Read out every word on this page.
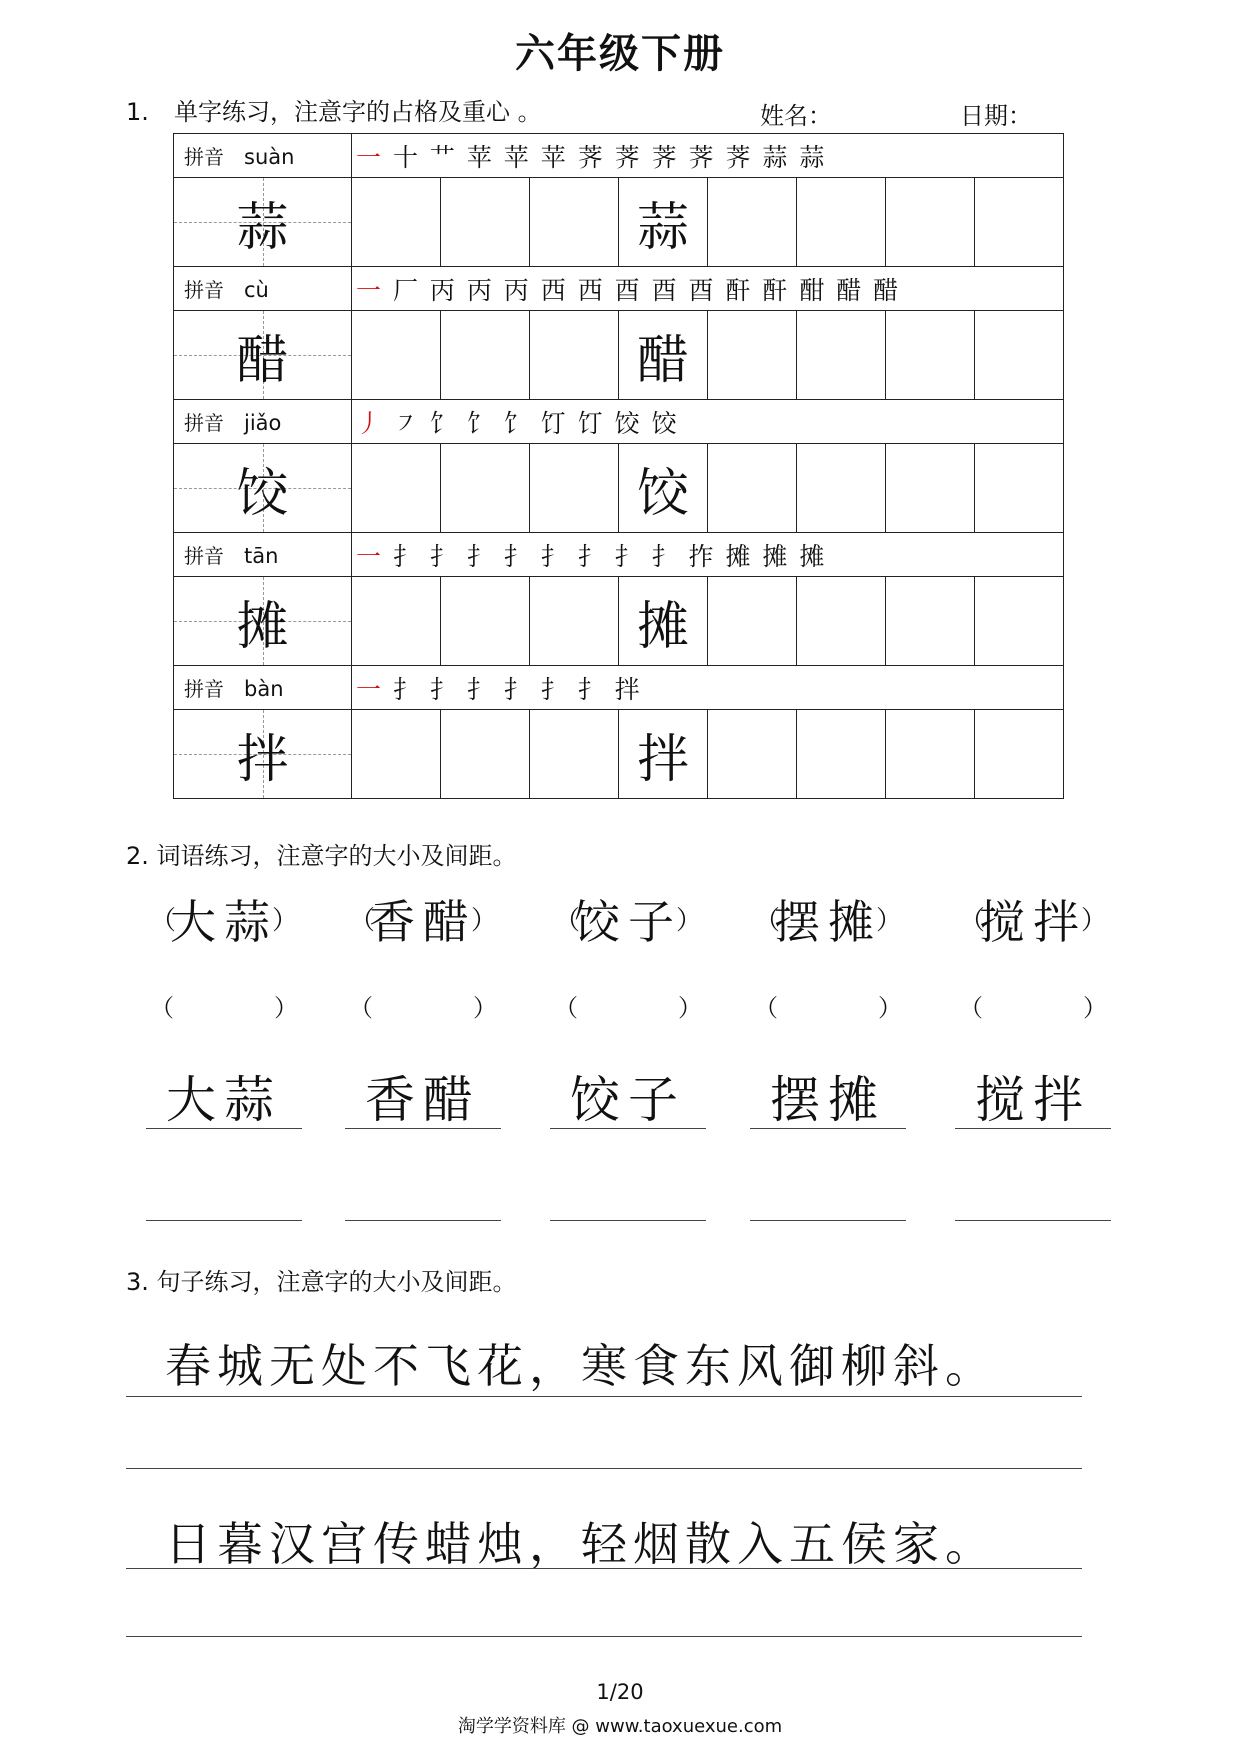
六年级下册
1. 单字练习，注意字的占格及重心 。	姓名：	日期：
拼音 suàn	一 十 艹 苹 苹 苹 荠 荠 荠 荠 荠 蒜 蒜							

蒜				蒜				

拼音 cù	一 厂 丙 丙 丙 西 西 酉 酉 酉 酐 酐 酣 醋 醋							

醋				醋				

拼音 jiǎo	丿 ㇇ 饣 饣 饣 饤 饤 饺 饺							

饺				饺				

拼音 tān	一 扌 扌 扌 扌 扌 扌 扌 扌 拃 摊 摊 摊							

摊				摊				

拼音 bàn	一 扌 扌 扌 扌 扌 扌 拌							

拌				拌				

2. 词语练习，注意字的大小及间距。
（
大蒜
）
（	）
大蒜
（
香醋
）
（	）
香醋
（
饺子
）
（	）
饺子
（
摆摊
）
（	）
摆摊
（
搅拌
）
（	）
搅拌
3. 句子练习，注意字的大小及间距。
春城无处不飞花，寒食东风御柳斜。
日暮汉宫传蜡烛，轻烟散入五侯家。
1/20
淘学学资料库 @ www.taoxuexue.com
